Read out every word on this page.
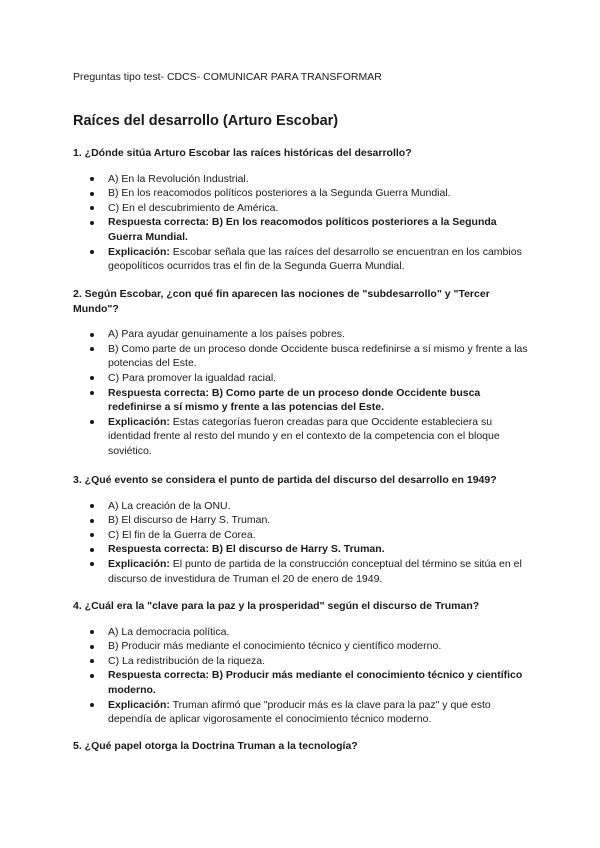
Preguntas tipo test- CDCS- COMUNICAR PARA TRANSFORMAR
Raíces del desarrollo (Arturo Escobar)

1. ¿Dónde sitúa Arturo Escobar las raíces históricas del desarrollo?

A) En la Revolución Industrial.
B) En los reacomodos políticos posteriores a la Segunda Guerra Mundial.
C) En el descubrimiento de América.
Respuesta correcta: B) En los reacomodos políticos posteriores a la Segunda Guerra Mundial.
Explicación: Escobar señala que las raíces del desarrollo se encuentran en los cambios geopolíticos ocurridos tras el fin de la Segunda Guerra Mundial.

2. Según Escobar, ¿con qué fin aparecen las nociones de "subdesarrollo" y "Tercer Mundo"?

A) Para ayudar genuinamente a los países pobres.
B) Como parte de un proceso donde Occidente busca redefinirse a sí mismo y frente a las potencias del Este.
C) Para promover la igualdad racial.
Respuesta correcta: B) Como parte de un proceso donde Occidente busca redefinirse a sí mismo y frente a las potencias del Este.
Explicación: Estas categorías fueron creadas para que Occidente estableciera su identidad frente al resto del mundo y en el contexto de la competencia con el bloque soviético.

3. ¿Qué evento se considera el punto de partida del discurso del desarrollo en 1949?

A) La creación de la ONU.
B) El discurso de Harry S. Truman.
C) El fin de la Guerra de Corea.
Respuesta correcta: B) El discurso de Harry S. Truman.
Explicación: El punto de partida de la construcción conceptual del término se sitúa en el discurso de investidura de Truman el 20 de enero de 1949.

4. ¿Cuál era la "clave para la paz y la prosperidad" según el discurso de Truman?

A) La democracia política.
B) Producir más mediante el conocimiento técnico y científico moderno.
C) La redistribución de la riqueza.
Respuesta correcta: B) Producir más mediante el conocimiento técnico y científico moderno.
Explicación: Truman afirmó que "producir más es la clave para la paz" y que esto dependía de aplicar vigorosamente el conocimiento técnico moderno.

5. ¿Qué papel otorga la Doctrina Truman a la tecnología?
